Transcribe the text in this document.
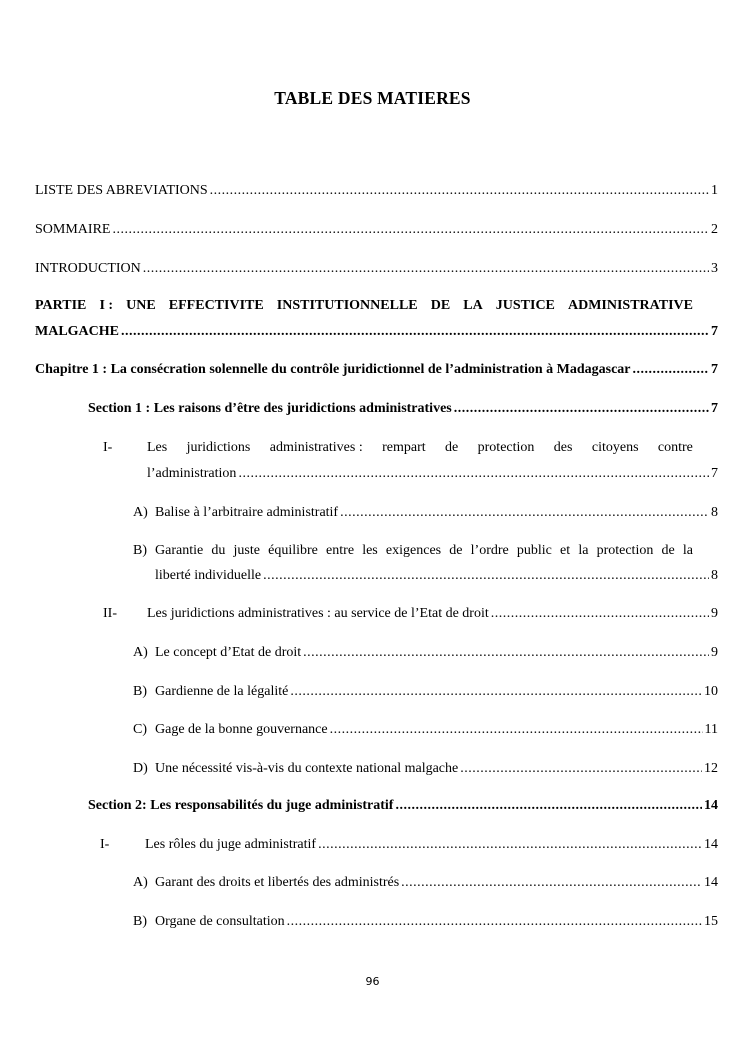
TABLE DES MATIERES
LISTE DES ABREVIATIONS .....	1
SOMMAIRE .....	2
INTRODUCTION .....	3
PARTIE I : UNE EFFECTIVITE INSTITUTIONNELLE DE LA JUSTICE ADMINISTRATIVE
MALGACHE .....	7
Chapitre 1 : La consécration solennelle du contrôle juridictionnel de l’administration à Madagascar .....	7
Section 1 : Les raisons d’être des juridictions administratives .....	7
I- Les juridictions administratives : rempart de protection des citoyens contre
l’administration .....	7
A) Balise à l’arbitraire administratif .....	8
B) Garantie du juste équilibre entre les exigences de l’ordre public et la protection de la
liberté individuelle .....	8
II- Les juridictions administratives : au service de l’Etat de droit .....	9
A) Le concept d’Etat de droit .....	9
B) Gardienne de la légalité .....	10
C) Gage de la bonne gouvernance .....	11
D) Une nécessité vis-à-vis du contexte national malgache .....	12
Section 2: Les responsabilités du juge administratif .....	14
I-	Les rôles du juge administratif .....	14
A) Garant des droits et libertés des administrés .....	14
B) Organe de consultation .....	15
96
